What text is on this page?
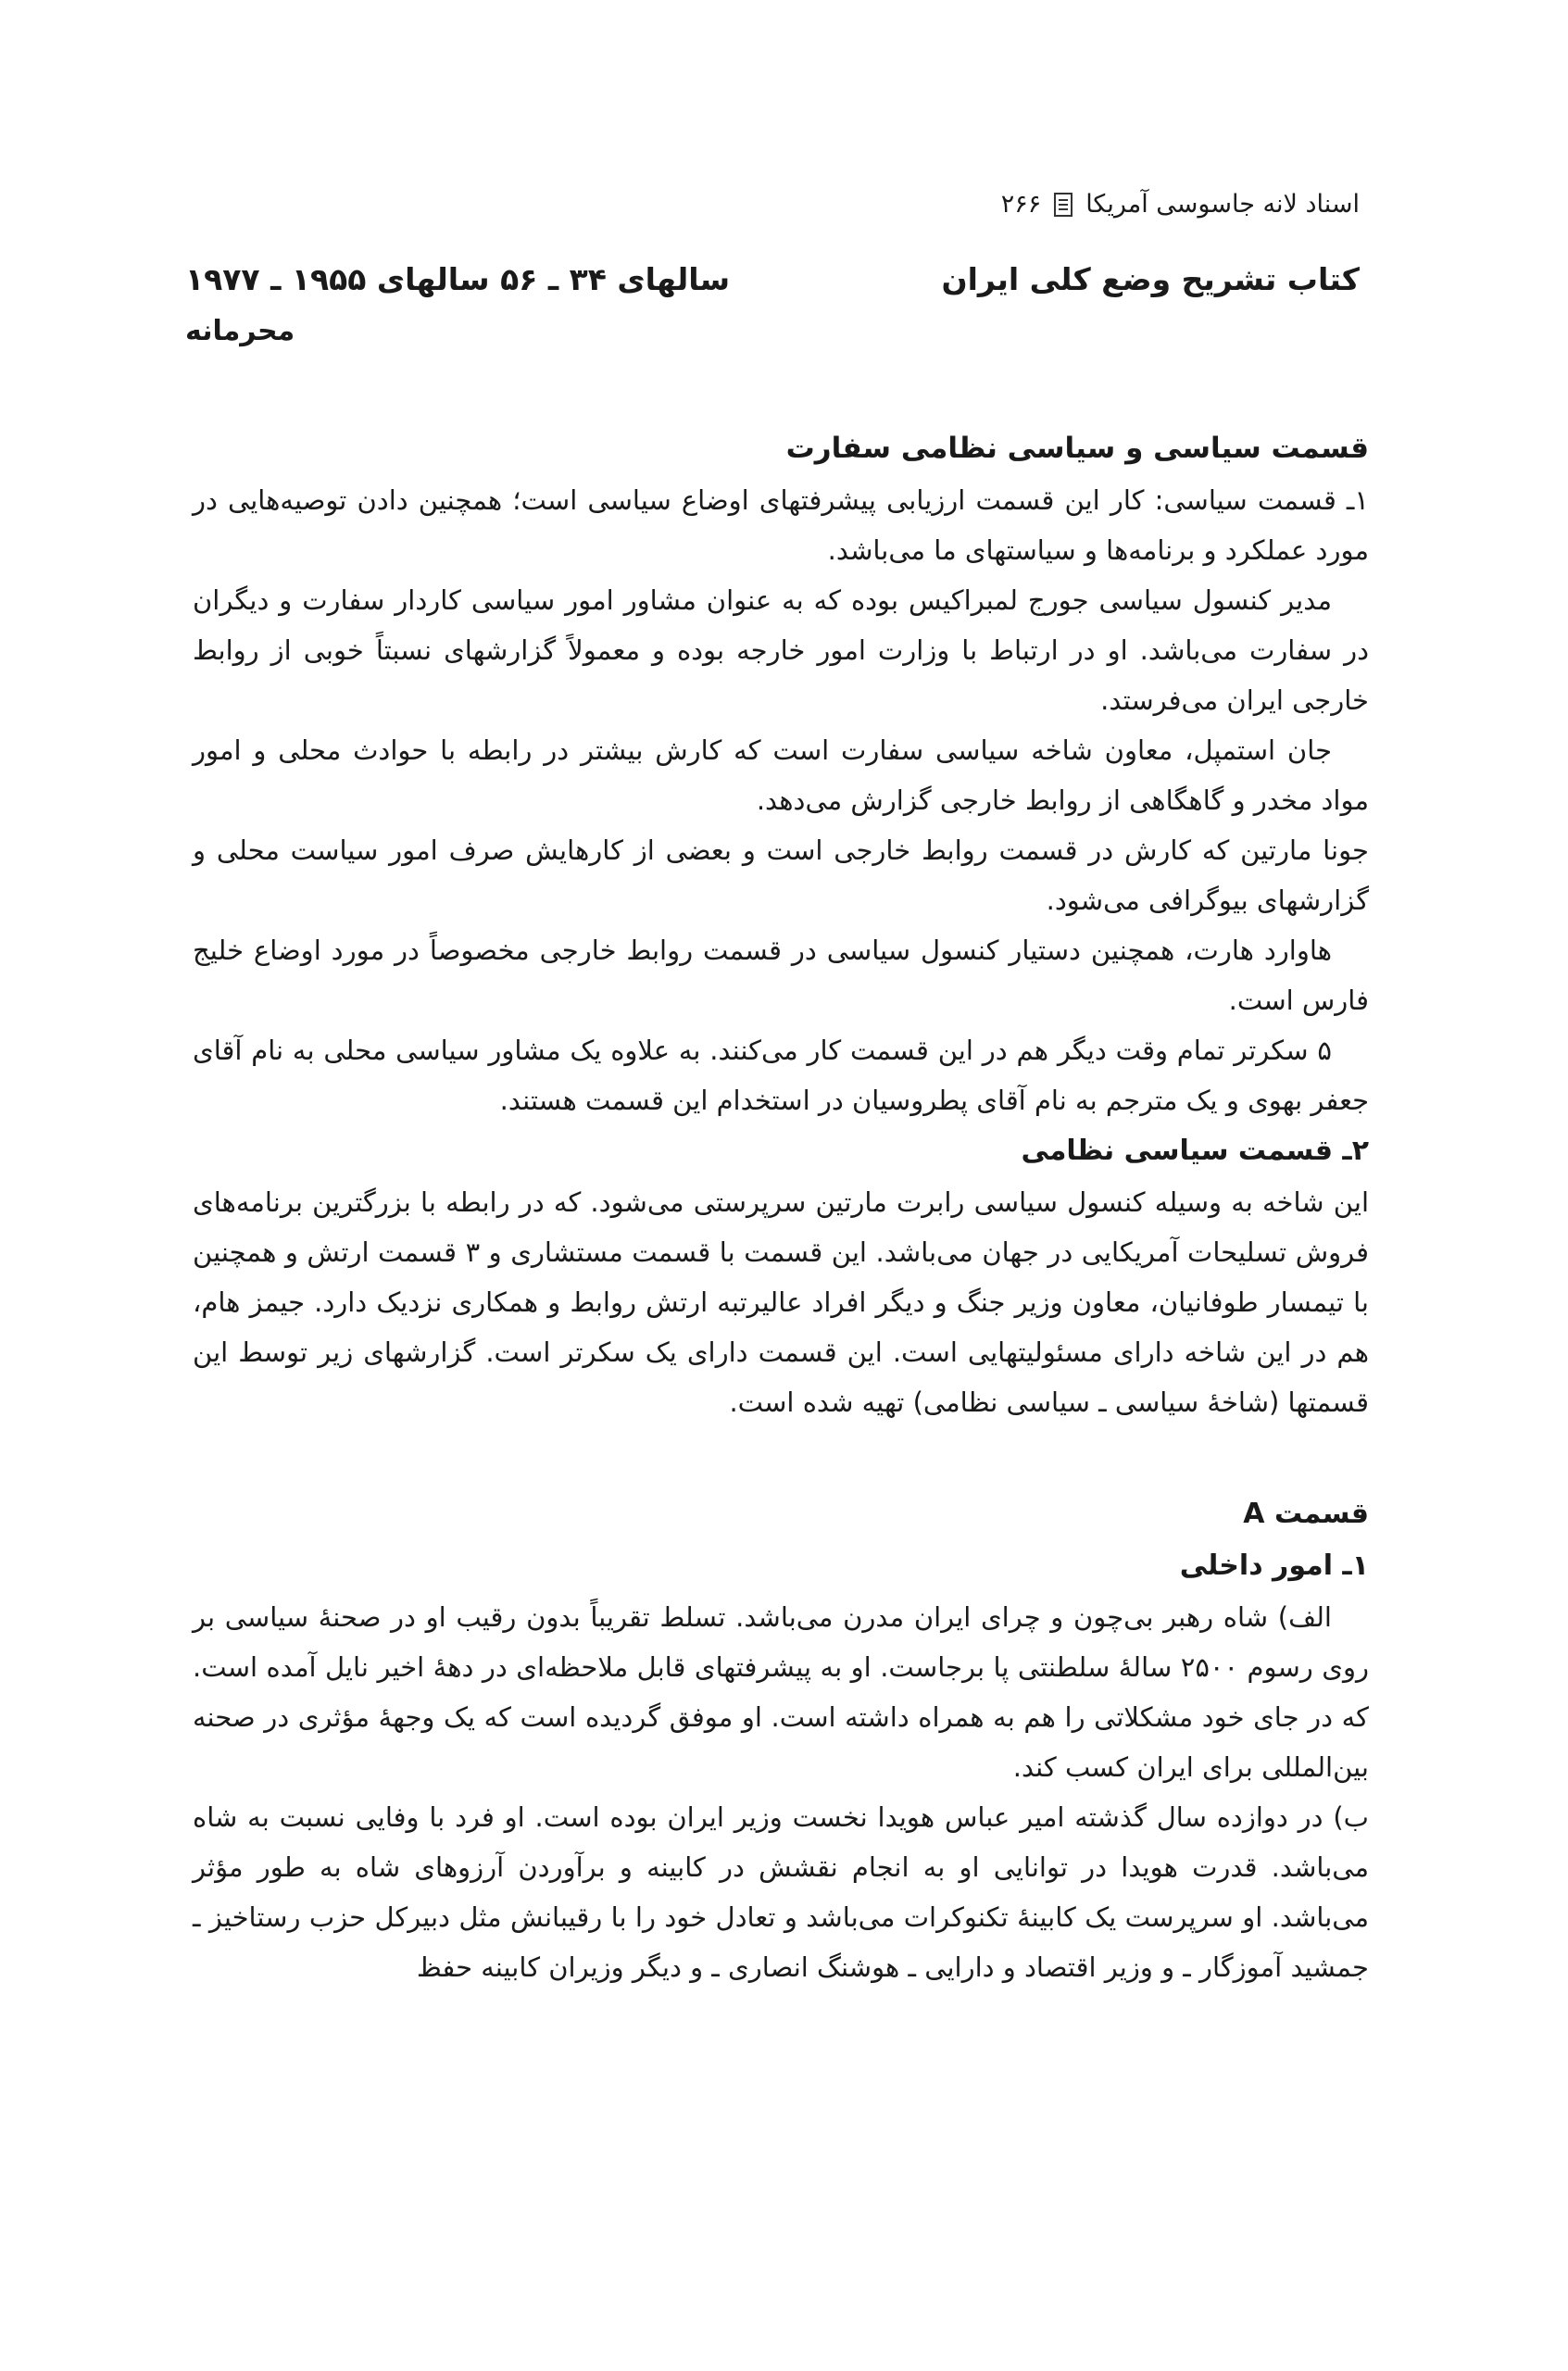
اسناد لانه جاسوسی آمریکا
۲۶۶
کتاب تشریح وضع کلی ایران
سالهای ۳۴ ـ ۵۶ سالهای ۱۹۵۵ ـ ۱۹۷۷
محرمانه
قسمت سیاسی و سیاسی نظامی سفارت

۱ـ قسمت سیاسی: کار این قسمت ارزیابی پیشرفتهای اوضاع سیاسی است؛ همچنین دادن توصیه‌هایی در مورد عملکرد و برنامه‌ها و سیاستهای ما می‌باشد.

مدیر کنسول سیاسی جورج لمبراکیس بوده که به عنوان مشاور امور سیاسی کاردار سفارت و دیگران در سفارت می‌باشد. او در ارتباط با وزارت امور خارجه بوده و معمولاً گزارشهای نسبتاً خوبی از روابط خارجی ایران می‌فرستد.

جان استمپل، معاون شاخه سیاسی سفارت است که کارش بیشتر در رابطه با حوادث محلی و امور مواد مخدر و گاهگاهی از روابط خارجی گزارش می‌دهد.

جونا مارتین که کارش در قسمت روابط خارجی است و بعضی از کارهایش صرف امور سیاست محلی و گزارشهای بیوگرافی می‌شود.

هاوارد هارت، همچنین دستیار کنسول سیاسی در قسمت روابط خارجی مخصوصاً در مورد اوضاع خلیج فارس است.

۵ سکرتر تمام وقت دیگر هم در این قسمت کار می‌کنند. به علاوه یک مشاور سیاسی محلی به نام آقای جعفر بهوی و یک مترجم به نام آقای پطروسیان در استخدام این قسمت هستند.

۲ـ قسمت سیاسی نظامی

این شاخه به وسیله کنسول سیاسی رابرت مارتین سرپرستی می‌شود. که در رابطه با بزرگترین برنامه‌های فروش تسلیحات آمریکایی در جهان می‌باشد. این قسمت با قسمت مستشاری و ۳ قسمت ارتش و همچنین با تیمسار طوفانیان، معاون وزیر جنگ و دیگر افراد عالیرتبه ارتش روابط و همکاری نزدیک دارد. جیمز هام، هم در این شاخه دارای مسئولیتهایی است. این قسمت دارای یک سکرتر است. گزارشهای زیر توسط این قسمتها (شاخهٔ سیاسی ـ سیاسی نظامی) تهیه شده است.

قسمت A
۱ـ امور داخلی

الف) شاه رهبر بی‌چون و چرای ایران مدرن می‌باشد. تسلط تقریباً بدون رقیب او در صحنهٔ سیاسی بر روی رسوم ۲۵۰۰ سالهٔ سلطنتی پا برجاست. او به پیشرفتهای قابل ملاحظه‌ای در دههٔ اخیر نایل آمده است. که در جای خود مشکلاتی را هم به همراه داشته است. او موفق گردیده است که یک وجههٔ مؤثری در صحنه بین‌المللی برای ایران کسب کند.

ب) در دوازده سال گذشته امیر عباس هویدا نخست وزیر ایران بوده است. او فرد با وفایی نسبت به شاه می‌باشد. قدرت هویدا در توانایی او به انجام نقشش در کابینه و برآوردن آرزوهای شاه به طور مؤثر می‌باشد. او سرپرست یک کابینهٔ تکنوکرات می‌باشد و تعادل خود را با رقیبانش مثل دبیرکل حزب رستاخیز ـ جمشید آموزگار ـ و وزیر اقتصاد و دارایی ـ هوشنگ انصاری ـ و دیگر وزیران کابینه حفظ
